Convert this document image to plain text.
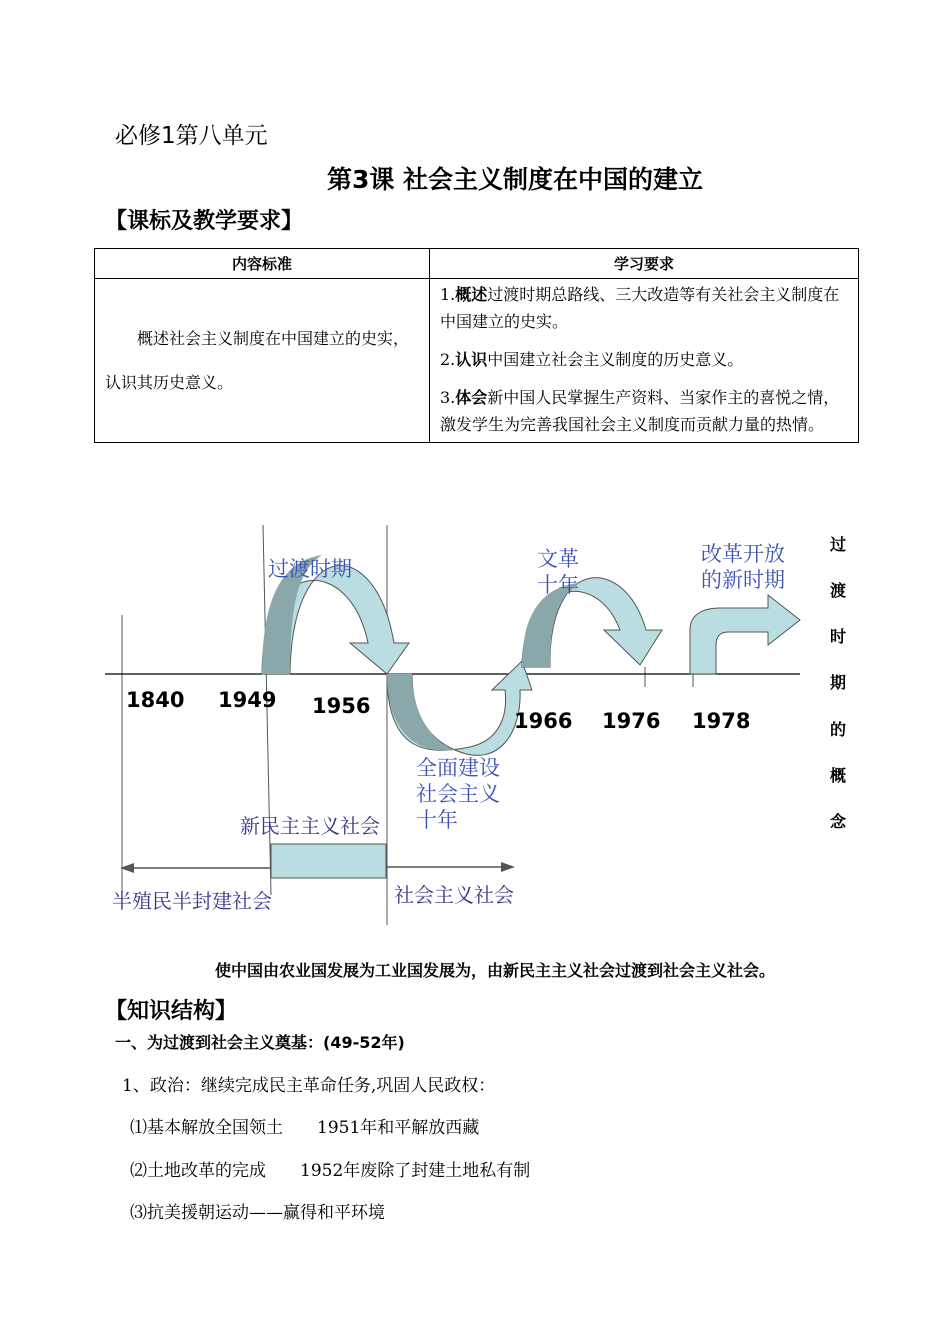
必修1第八单元
第3课 社会主义制度在中国的建立
【课标及教学要求】
内容标准	学习要求
概述社会主义制度在中国建立的史实，认识其历史意义。	1.概述过渡时期总路线、三大改造等有关社会主义制度在中国建立的史实。

2.认识中国建立社会主义制度的历史意义。

3.体会新中国人民掌握生产资料、当家作主的喜悦之情，激发学生为完善我国社会主义制度而贡献力量的热情。

1840 1949 1956
1966 1976 1978
过渡时期	文革
十年
改革开放
的新时期
全面建设
社会主义
十年
新民主主义社会
半殖民半封建社会	社会主义社会
过
渡
时
期
的
概
念
使中国由农业国发展为工业国发展为，由新民主主义社会过渡到社会主义社会。
【知识结构】
一、为过渡到社会主义奠基：(49-52年)
1、政治：继续完成民主革命任务,巩固人民政权：
⑴基本解放全国领土 1951年和平解放西藏
⑵土地改革的完成 1952年废除了封建土地私有制
⑶抗美援朝运动——赢得和平环境
